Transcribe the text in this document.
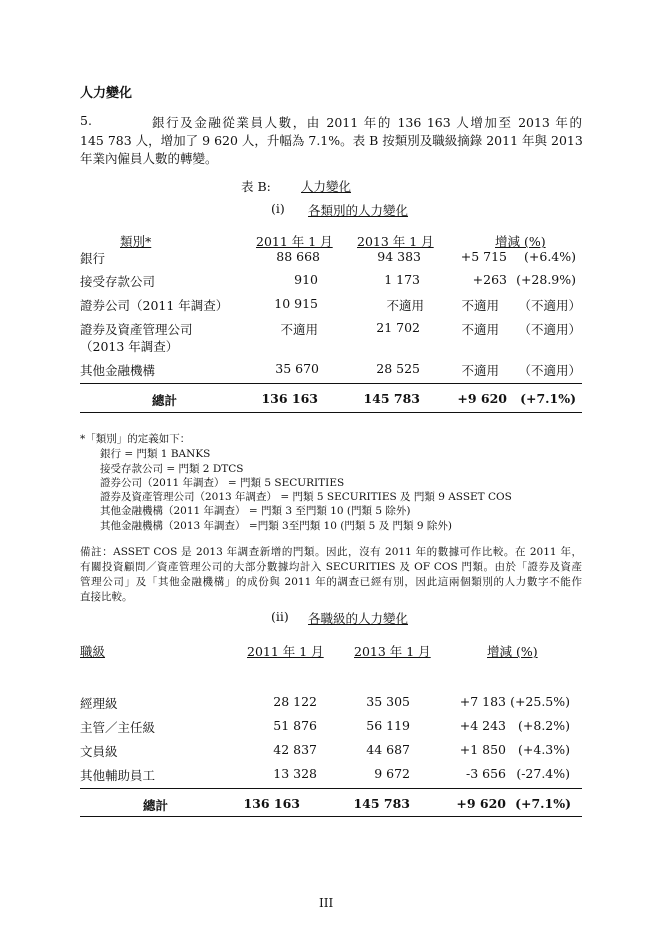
人力變化
5.	銀行及金融從業員人數，由 2011 年的 136 163 人增加至 2013 年的
145 783 人，增加了 9 620 人，升幅為 7.1%。表 B 按類別及職級摘錄 2011 年與 2013
年業內僱員人數的轉變。
表 B: 人力變化
(i) 各類別的人力變化
類別*	2011 年 1 月 2013 年 1 月	增減 (%)
銀行	88 668	94 383	+5 715	(+6.4%)
接受存款公司	910	1 173	+263 (+28.9%)
證券公司（2011 年調查）	10 915	不適用	不適用	（不適用）
證券及資產管理公司
（2013 年調查）
不適用	21 702	不適用	（不適用）
其他金融機構	35 670	28 525	不適用	（不適用）
總計	136 163	145 783	+9 620	(+7.1%)
*「類別」的定義如下：
銀行 = 門類 1 BANKS
接受存款公司 = 門類 2 DTCS
證券公司（2011 年調查） = 門類 5 SECURITIES
證券及資產管理公司（2013 年調查） = 門類 5 SECURITIES 及 門類 9 ASSET COS
其他金融機構（2011 年調查） = 門類 3 至門類 10 (門類 5 除外)
其他金融機構（2013 年調查） =門類 3至門類 10 (門類 5 及 門類 9 除外)
備註：ASSET COS 是 2013 年調查新增的門類。因此，沒有 2011 年的數據可作比較。在 2011 年，
有關投資顧問／資產管理公司的大部分數據均計入 SECURITIES 及 OF COS 門類。由於「證券及資產
管理公司」及「其他金融機構」的成份與 2011 年的調查已經有別，因此這兩個類別的人力數字不能作
直接比較。
(ii) 各職級的人力變化
職級	2011 年 1 月 2013 年 1 月	增減 (%)
經理級	28 122	35 305	+7 183 (+25.5%)
主管／主任級	51 876	56 119	+4 243 (+8.2%)
文員級	42 837	44 687	+1 850 (+4.3%)
其他輔助員工	13 328	9 672	-3 656 (-27.4%)
總計	136 163	145 783	+9 620 (+7.1%)
III
